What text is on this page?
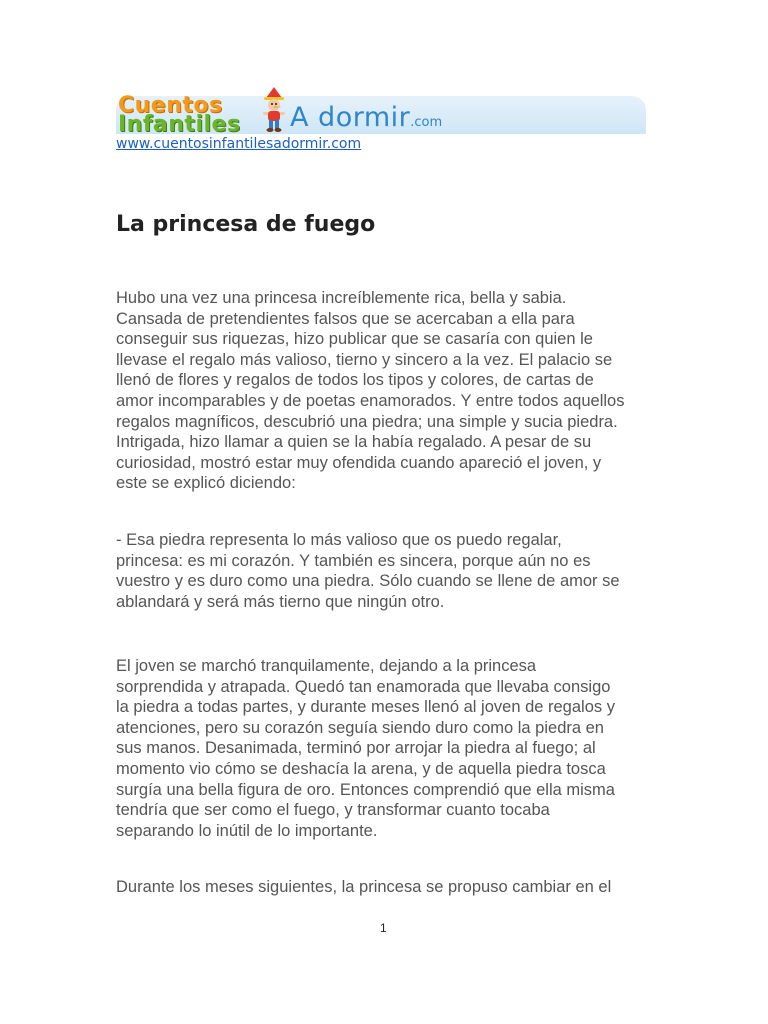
Cuentos
Infantiles	A dormir.com
www.cuentosinfantilesadormir.com
La princesa de fuego

Hubo una vez una princesa increíblemente rica, bella y sabia.
Cansada de pretendientes falsos que se acercaban a ella para
conseguir sus riquezas, hizo publicar que se casaría con quien le
llevase el regalo más valioso, tierno y sincero a la vez. El palacio se
llenó de flores y regalos de todos los tipos y colores, de cartas de
amor incomparables y de poetas enamorados. Y entre todos aquellos
regalos magníficos, descubrió una piedra; una simple y sucia piedra.
Intrigada, hizo llamar a quien se la había regalado. A pesar de su
curiosidad, mostró estar muy ofendida cuando apareció el joven, y
este se explicó diciendo:

- Esa piedra representa lo más valioso que os puedo regalar,
princesa: es mi corazón. Y también es sincera, porque aún no es
vuestro y es duro como una piedra. Sólo cuando se llene de amor se
ablandará y será más tierno que ningún otro.

El joven se marchó tranquilamente, dejando a la princesa
sorprendida y atrapada. Quedó tan enamorada que llevaba consigo
la piedra a todas partes, y durante meses llenó al joven de regalos y
atenciones, pero su corazón seguía siendo duro como la piedra en
sus manos. Desanimada, terminó por arrojar la piedra al fuego; al
momento vio cómo se deshacía la arena, y de aquella piedra tosca
surgía una bella figura de oro. Entonces comprendió que ella misma
tendría que ser como el fuego, y transformar cuanto tocaba
separando lo inútil de lo importante.

Durante los meses siguientes, la princesa se propuso cambiar en el

1
